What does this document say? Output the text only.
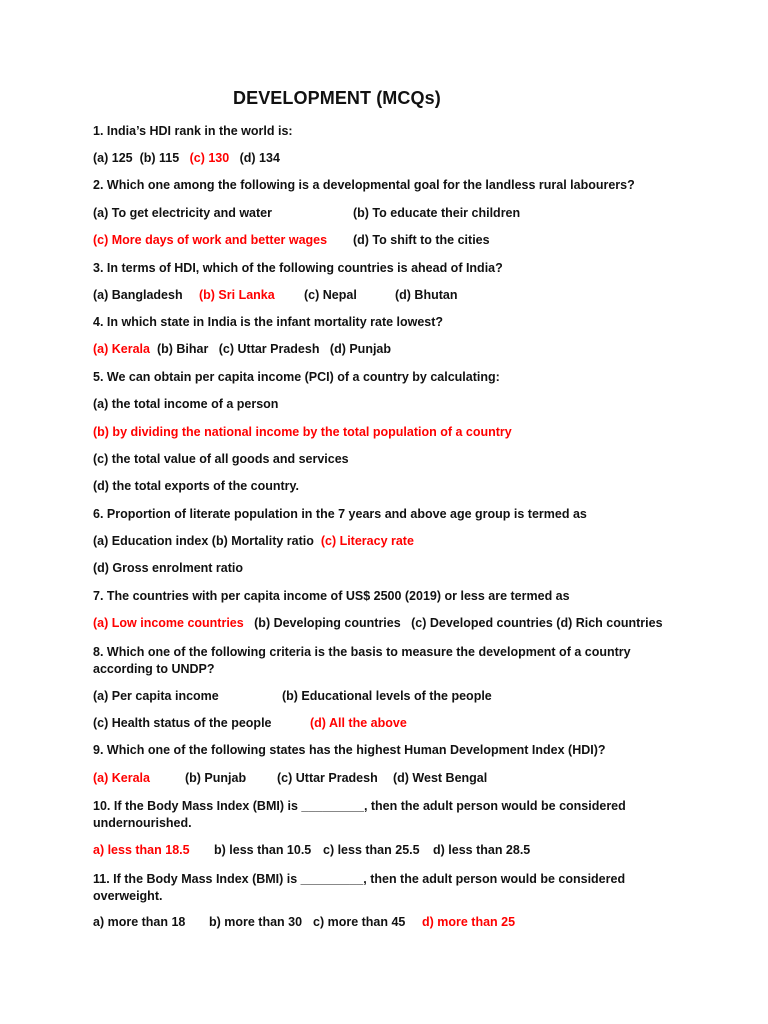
DEVELOPMENT (MCQs)
1. India’s HDI rank in the world is:
(a) 125 (b) 115 (c) 130 (d) 134
2. Which one among the following is a developmental goal for the landless rural labourers?
(a) To get electricity and water	(b) To educate their children
(c) More days of work and better wages (d) To shift to the cities
3. In terms of HDI, which of the following countries is ahead of India?
(a) Bangladesh (b) Sri Lanka (c) Nepal	(d) Bhutan
4. In which state in India is the infant mortality rate lowest?
(a) Kerala (b) Bihar (c) Uttar Pradesh (d) Punjab
5. We can obtain per capita income (PCI) of a country by calculating:
(a) the total income of a person
(b) by dividing the national income by the total population of a country
(c) the total value of all goods and services
(d) the total exports of the country.
6. Proportion of literate population in the 7 years and above age group is termed as
(a) Education index (b) Mortality ratio (c) Literacy rate
(d) Gross enrolment ratio
7. The countries with per capita income of US$ 2500 (2019) or less are termed as
(a) Low income countries (b) Developing countries (c) Developed countries (d) Rich countries
8. Which one of the following criteria is the basis to measure the development of a country according to UNDP?
(a) Per capita income	(b) Educational levels of the people
(c) Health status of the people	(d) All the above
9. Which one of the following states has the highest Human Development Index (HDI)?
(a) Kerala	(b) Punjab (c) Uttar Pradesh (d) West Bengal
10. If the Body Mass Index (BMI) is _________, then the adult person would be considered undernourished.
a) less than 18.5 b) less than 10.5 c) less than 25.5 d) less than 28.5
11. If the Body Mass Index (BMI) is _________, then the adult person would be considered overweight.
a) more than 18 b) more than 30 c) more than 45 d) more than 25
